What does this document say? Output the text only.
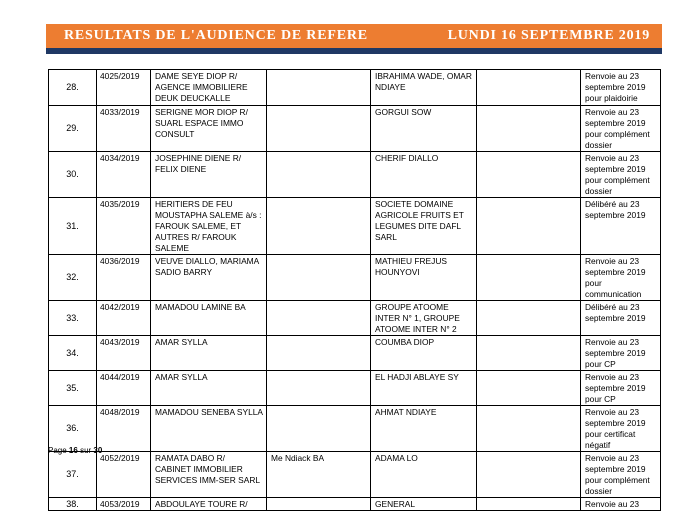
RESULTATS DE L'AUDIENCE DE REFERE	LUNDI 16 SEPTEMBRE 2019
28.	4025/2019	DAME SEYE DIOP R/ AGENCE IMMOBILIERE DEUK DEUCKALLE		IBRAHIMA WADE, OMAR NDIAYE		Renvoie au 23 septembre 2019 pour plaidoirie
29.	4033/2019	SERIGNE MOR DIOP R/ SUARL ESPACE IMMO CONSULT		GORGUI SOW		Renvoie au 23 septembre 2019 pour complément dossier
30.	4034/2019	JOSEPHINE DIENE R/ FELIX DIENE		CHERIF DIALLO		Renvoie au 23 septembre 2019 pour complément dossier
31.	4035/2019	HERITIERS DE FEU MOUSTAPHA SALEME à/s : FAROUK SALEME, ET AUTRES R/ FAROUK SALEME		SOCIETE DOMAINE AGRICOLE FRUITS ET LEGUMES DITE DAFL SARL		Délibéré au 23 septembre 2019
32.	4036/2019	VEUVE DIALLO, MARIAMA SADIO BARRY		MATHIEU FREJUS HOUNYOVI		Renvoie au 23 septembre 2019 pour communication
33.	4042/2019	MAMADOU LAMINE BA		GROUPE ATOOME INTER N° 1, GROUPE ATOOME INTER N° 2		Délibéré au 23 septembre 2019
34.	4043/2019	AMAR SYLLA		COUMBA DIOP		Renvoie au 23 septembre 2019 pour CP
35.	4044/2019	AMAR SYLLA		EL HADJI ABLAYE SY		Renvoie au 23 septembre 2019 pour CP
36.	4048/2019	MAMADOU SENEBA SYLLA		AHMAT NDIAYE		Renvoie au 23 septembre 2019 pour certificat négatif
37.	4052/2019	RAMATA DABO R/ CABINET IMMOBILIER SERVICES IMM-SER SARL	Me Ndiack BA	ADAMA LO		Renvoie au 23 septembre 2019 pour complément dossier
38.	4053/2019	ABDOULAYE TOURE R/		GENERAL		Renvoie au 23
Page 16 sur 30
